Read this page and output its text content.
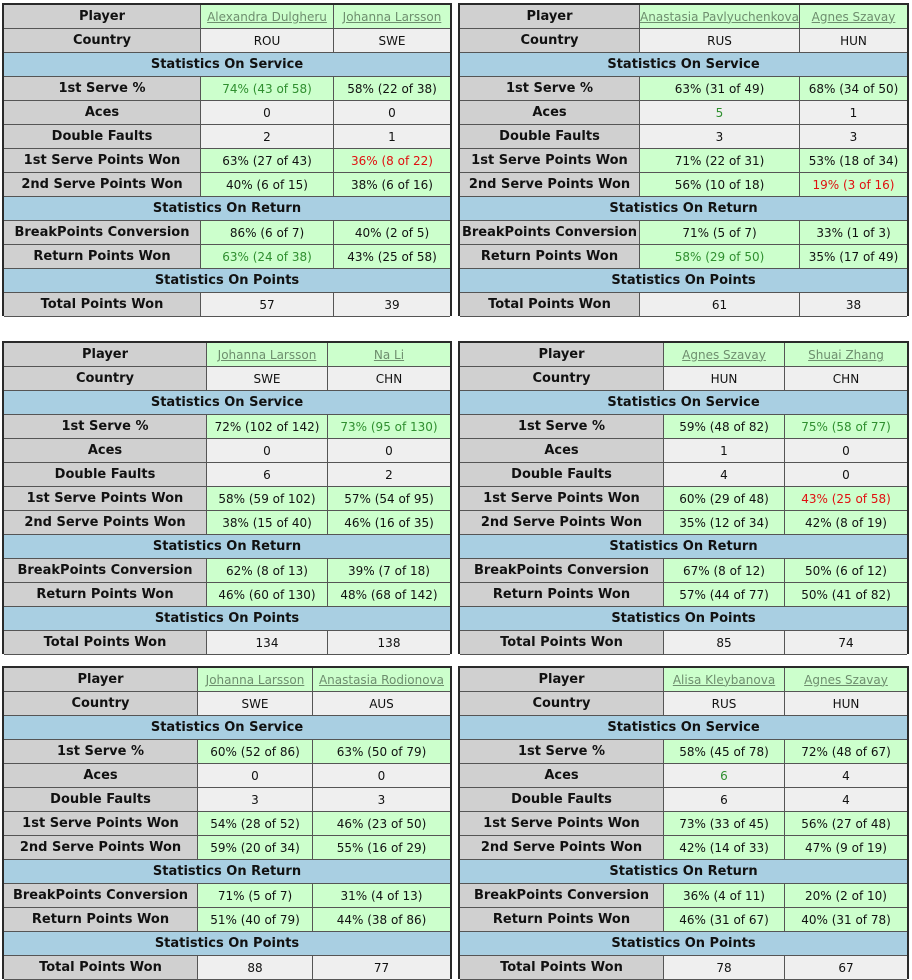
Player	Alexandra Dulgheru	Johanna Larsson
Country	ROU	SWE
Statistics On Service
1st Serve %	74% (43 of 58)	58% (22 of 38)
Aces	0	0
Double Faults	2	1
1st Serve Points Won	63% (27 of 43)	36% (8 of 22)
2nd Serve Points Won	40% (6 of 15)	38% (6 of 16)
Statistics On Return
BreakPoints Conversion	86% (6 of 7)	40% (2 of 5)
Return Points Won	63% (24 of 38)	43% (25 of 58)
Statistics On Points
Total Points Won	57	39
Player	Anastasia Pavlyuchenkova	Agnes Szavay
Country	RUS	HUN
Statistics On Service
1st Serve %	63% (31 of 49)	68% (34 of 50)
Aces	5	1
Double Faults	3	3
1st Serve Points Won	71% (22 of 31)	53% (18 of 34)
2nd Serve Points Won	56% (10 of 18)	19% (3 of 16)
Statistics On Return
BreakPoints Conversion	71% (5 of 7)	33% (1 of 3)
Return Points Won	58% (29 of 50)	35% (17 of 49)
Statistics On Points
Total Points Won	61	38
Player	Johanna Larsson	Na Li
Country	SWE	CHN
Statistics On Service
1st Serve %	72% (102 of 142)	73% (95 of 130)
Aces	0	0
Double Faults	6	2
1st Serve Points Won	58% (59 of 102)	57% (54 of 95)
2nd Serve Points Won	38% (15 of 40)	46% (16 of 35)
Statistics On Return
BreakPoints Conversion	62% (8 of 13)	39% (7 of 18)
Return Points Won	46% (60 of 130)	48% (68 of 142)
Statistics On Points
Total Points Won	134	138
Player	Agnes Szavay	Shuai Zhang
Country	HUN	CHN
Statistics On Service
1st Serve %	59% (48 of 82)	75% (58 of 77)
Aces	1	0
Double Faults	4	0
1st Serve Points Won	60% (29 of 48)	43% (25 of 58)
2nd Serve Points Won	35% (12 of 34)	42% (8 of 19)
Statistics On Return
BreakPoints Conversion	67% (8 of 12)	50% (6 of 12)
Return Points Won	57% (44 of 77)	50% (41 of 82)
Statistics On Points
Total Points Won	85	74
Player	Johanna Larsson	Anastasia Rodionova
Country	SWE	AUS
Statistics On Service
1st Serve %	60% (52 of 86)	63% (50 of 79)
Aces	0	0
Double Faults	3	3
1st Serve Points Won	54% (28 of 52)	46% (23 of 50)
2nd Serve Points Won	59% (20 of 34)	55% (16 of 29)
Statistics On Return
BreakPoints Conversion	71% (5 of 7)	31% (4 of 13)
Return Points Won	51% (40 of 79)	44% (38 of 86)
Statistics On Points
Total Points Won	88	77
Player	Alisa Kleybanova	Agnes Szavay
Country	RUS	HUN
Statistics On Service
1st Serve %	58% (45 of 78)	72% (48 of 67)
Aces	6	4
Double Faults	6	4
1st Serve Points Won	73% (33 of 45)	56% (27 of 48)
2nd Serve Points Won	42% (14 of 33)	47% (9 of 19)
Statistics On Return
BreakPoints Conversion	36% (4 of 11)	20% (2 of 10)
Return Points Won	46% (31 of 67)	40% (31 of 78)
Statistics On Points
Total Points Won	78	67
